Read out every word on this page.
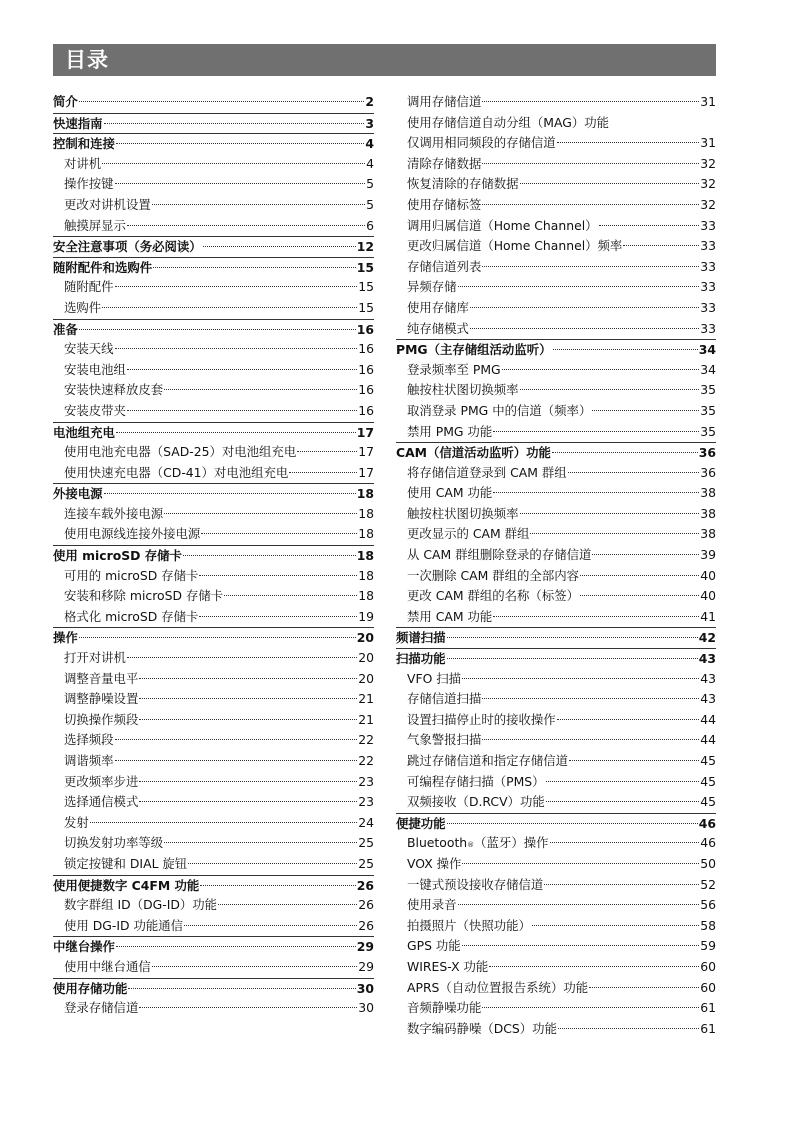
目录
简介	2
快速指南	3
控制和连接	4
对讲机	4
操作按键	5
更改对讲机设置	5
触摸屏显示	6
安全注意事项（务必阅读）	12
随附配件和选购件	15
随附配件	15
选购件	15
准备	16
安装天线	16
安装电池组	16
安装快速释放皮套	16
安装皮带夹	16
电池组充电	17
使用电池充电器（SAD-25）对电池组充电	17
使用快速充电器（CD-41）对电池组充电	17
外接电源	18
连接车载外接电源	18
使用电源线连接外接电源	18
使用 microSD 存储卡	18
可用的 microSD 存储卡	18
安装和移除 microSD 存储卡	18
格式化 microSD 存储卡	19
操作	20
打开对讲机	20
调整音量电平	20
调整静噪设置	21
切换操作频段	21
选择频段	22
调谐频率	22
更改频率步进	23
选择通信模式	23
发射	24
切换发射功率等级	25
锁定按键和 DIAL 旋钮	25
使用便捷数字 C4FM 功能	26
数字群组 ID（DG-ID）功能	26
使用 DG-ID 功能通信	26
中继台操作	29
使用中继台通信	29
使用存储功能	30
登录存储信道	30
调用存储信道	31
使用存储信道自动分组（MAG）功能
仅调用相同频段的存储信道	31
清除存储数据	32
恢复清除的存储数据	32
使用存储标签	32
调用归属信道（Home Channel）	33
更改归属信道（Home Channel）频率	33
存储信道列表	33
异频存储	33
使用存储库	33
纯存储模式	33
PMG（主存储组活动监听）	34
登录频率至 PMG	34
触按柱状图切换频率	35
取消登录 PMG 中的信道（频率）	35
禁用 PMG 功能	35
CAM（信道活动监听）功能	36
将存储信道登录到 CAM 群组	36
使用 CAM 功能	38
触按柱状图切换频率	38
更改显示的 CAM 群组	38
从 CAM 群组删除登录的存储信道	39
一次删除 CAM 群组的全部内容	40
更改 CAM 群组的名称（标签）	40
禁用 CAM 功能	41
频谱扫描	42
扫描功能	43
VFO 扫描	43
存储信道扫描	43
设置扫描停止时的接收操作	44
气象警报扫描	44
跳过存储信道和指定存储信道	45
可编程存储扫描（PMS）	45
双频接收（D.RCV）功能	45
便捷功能	46
Bluetooth ® （蓝牙）操作	46
VOX 操作	50
一键式预设接收存储信道	52
使用录音	56
拍摄照片（快照功能）	58
GPS 功能	59
WIRES-X 功能	60
APRS（自动位置报告系统）功能	60
音频静噪功能	61
数字编码静噪（DCS）功能	61
